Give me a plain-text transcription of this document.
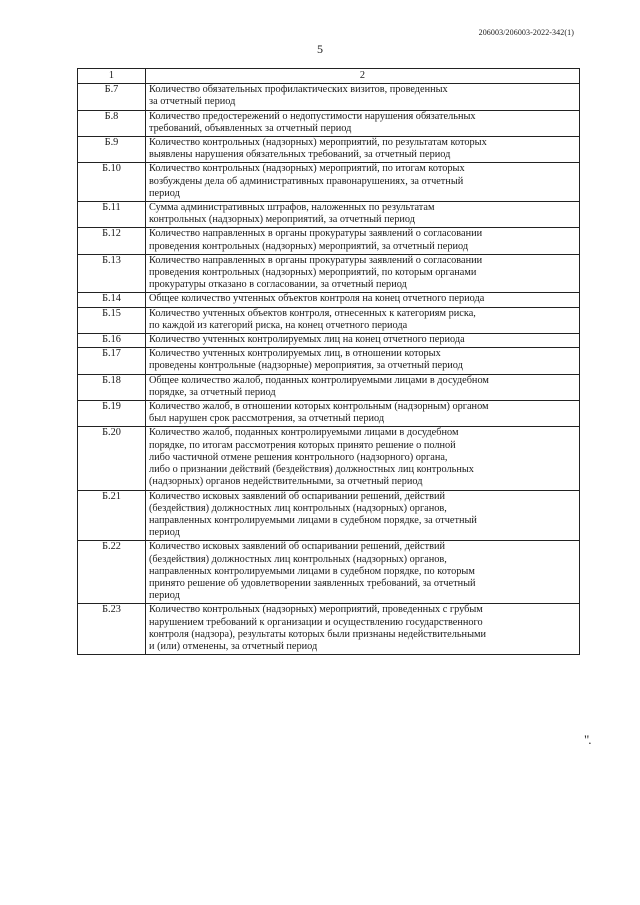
206003/206003-2022-342(1)
5
1	2
Б.7	Количество обязательных профилактических визитов, проведенных
за отчетный период
Б.8	Количество предостережений о недопустимости нарушения обязательных
требований, объявленных за отчетный период
Б.9	Количество контрольных (надзорных) мероприятий, по результатам которых
выявлены нарушения обязательных требований, за отчетный период
Б.10	Количество контрольных (надзорных) мероприятий, по итогам которых
возбуждены дела об административных правонарушениях, за отчетный
период
Б.11	Сумма административных штрафов, наложенных по результатам
контрольных (надзорных) мероприятий, за отчетный период
Б.12	Количество направленных в органы прокуратуры заявлений о согласовании
проведения контрольных (надзорных) мероприятий, за отчетный период
Б.13	Количество направленных в органы прокуратуры заявлений о согласовании
проведения контрольных (надзорных) мероприятий, по которым органами
прокуратуры отказано в согласовании, за отчетный период
Б.14	Общее количество учтенных объектов контроля на конец отчетного периода
Б.15	Количество учтенных объектов контроля, отнесенных к категориям риска,
по каждой из категорий риска, на конец отчетного периода
Б.16	Количество учтенных контролируемых лиц на конец отчетного периода
Б.17	Количество учтенных контролируемых лиц, в отношении которых
проведены контрольные (надзорные) мероприятия, за отчетный период
Б.18	Общее количество жалоб, поданных контролируемыми лицами в досудебном
порядке, за отчетный период
Б.19	Количество жалоб, в отношении которых контрольным (надзорным) органом
был нарушен срок рассмотрения, за отчетный период
Б.20	Количество жалоб, поданных контролируемыми лицами в досудебном
порядке, по итогам рассмотрения которых принято решение о полной
либо частичной отмене решения контрольного (надзорного) органа,
либо о признании действий (бездействия) должностных лиц контрольных
(надзорных) органов недействительными, за отчетный период
Б.21	Количество исковых заявлений об оспаривании решений, действий
(бездействия) должностных лиц контрольных (надзорных) органов,
направленных контролируемыми лицами в судебном порядке, за отчетный
период
Б.22	Количество исковых заявлений об оспаривании решений, действий
(бездействия) должностных лиц контрольных (надзорных) органов,
направленных контролируемыми лицами в судебном порядке, по которым
принято решение об удовлетворении заявленных требований, за отчетный
период
Б.23	Количество контрольных (надзорных) мероприятий, проведенных с грубым
нарушением требований к организации и осуществлению государственного
контроля (надзора), результаты которых были признаны недействительными
и (или) отменены, за отчетный период
".
